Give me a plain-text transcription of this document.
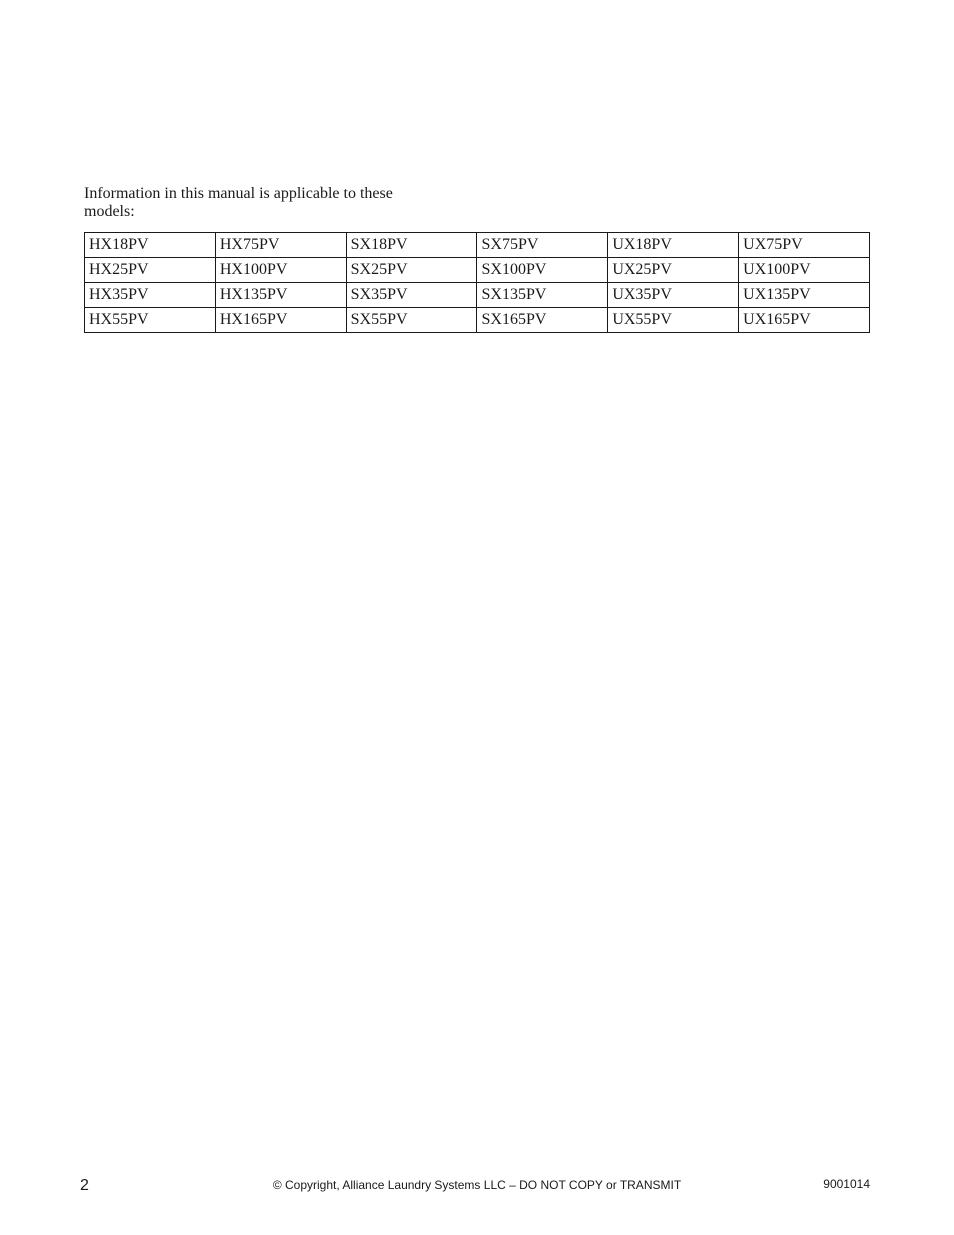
Information in this manual is applicable to these
models:

HX18PV	HX75PV	SX18PV	SX75PV	UX18PV	UX75PV
HX25PV	HX100PV	SX25PV	SX100PV	UX25PV	UX100PV
HX35PV	HX135PV	SX35PV	SX135PV	UX35PV	UX135PV
HX55PV	HX165PV	SX55PV	SX165PV	UX55PV	UX165PV
2	© Copyright, Alliance Laundry Systems LLC – DO NOT COPY or TRANSMIT	9001014
